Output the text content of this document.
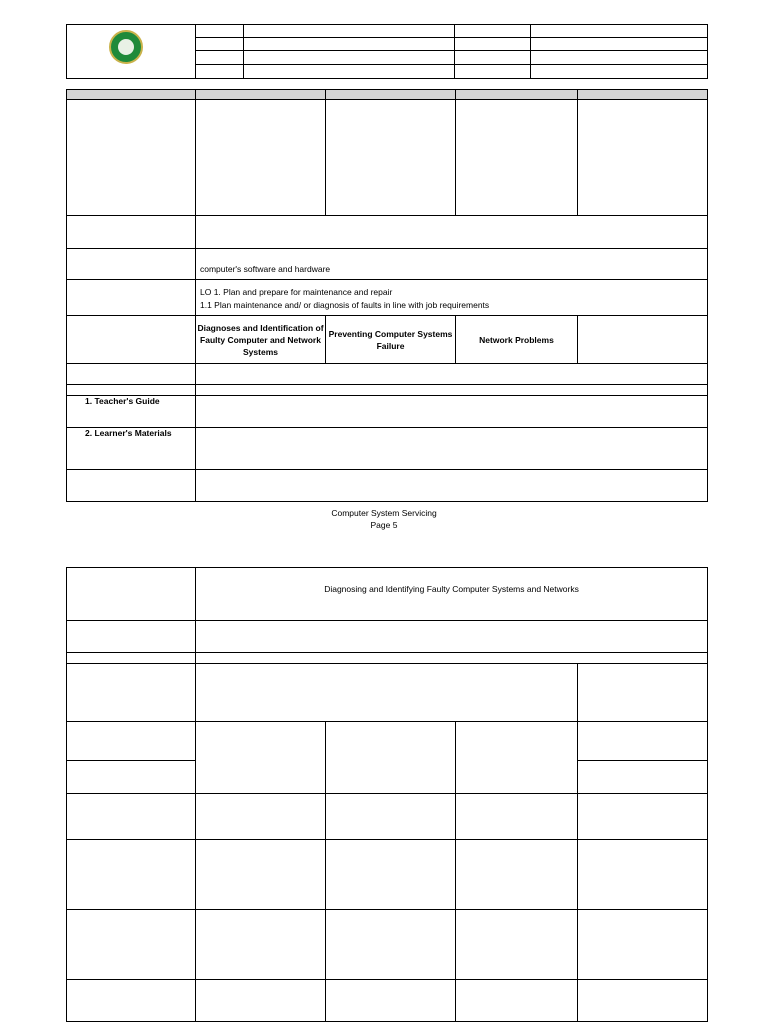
	computer's software and hardware			

	LO 1. Plan and prepare for maintenance and repair
1.1 Plan maintenance and/ or diagnosis of faults in line with job requirements			

	Diagnoses and Identification of Faulty Computer and Network Systems	Preventing Computer Systems Failure	Network Problems	

1. Teacher's Guide				
2. Learner's Materials				

Computer System Servicing
Page 5
	Diagnosing and Identifying Faulty Computer Systems and Networks			
